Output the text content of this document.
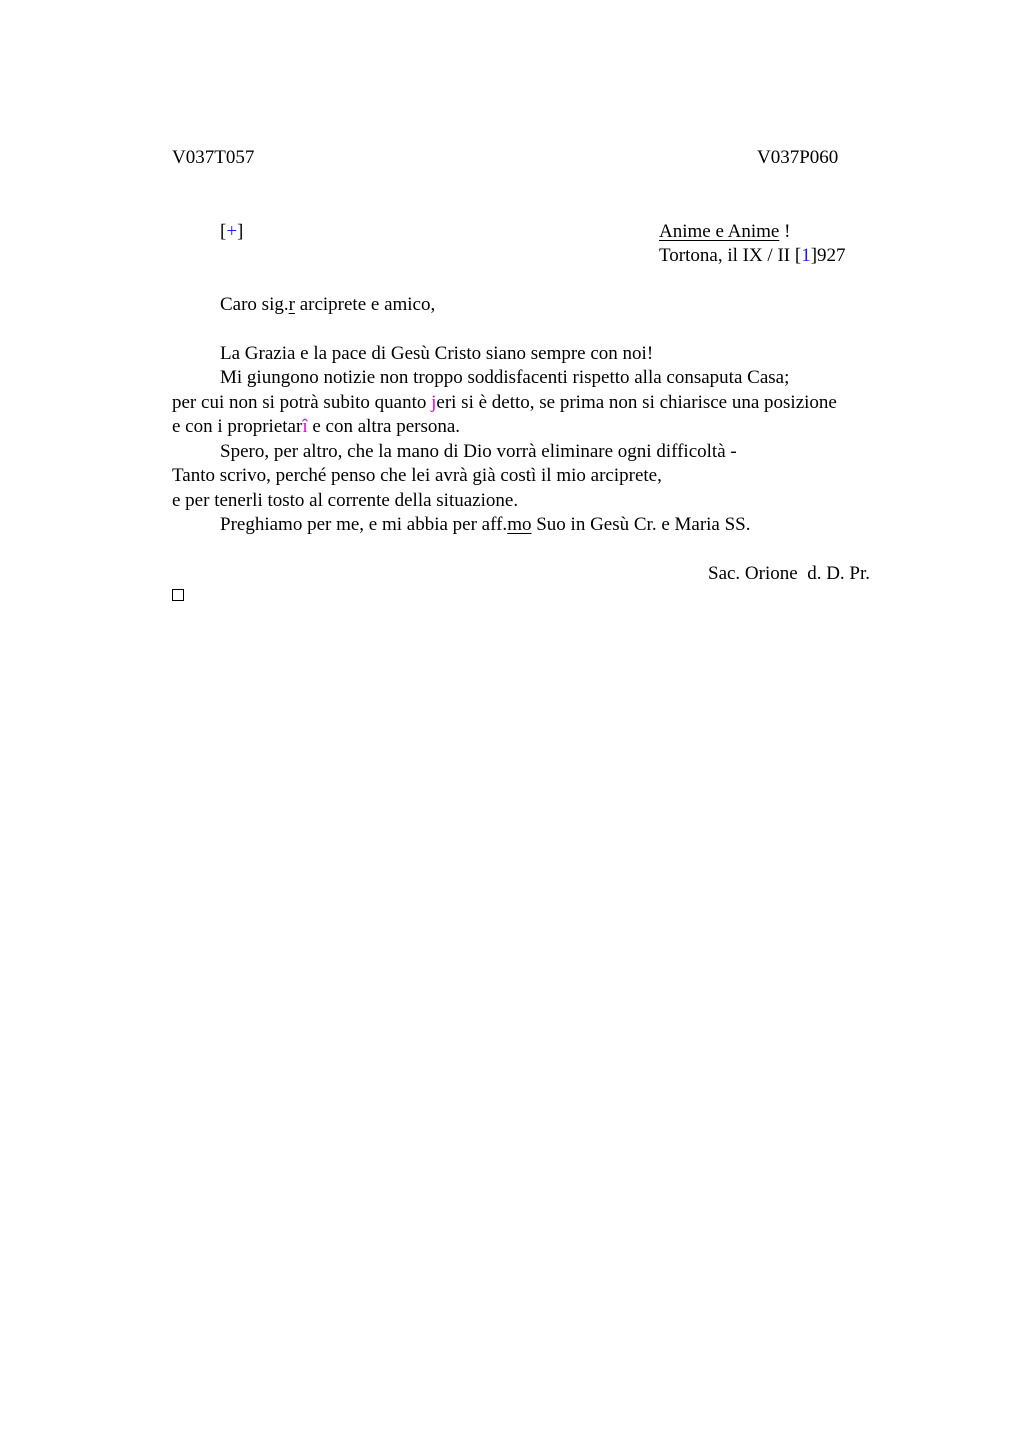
V037T057	V037P060
[+]	Anime e Anime !
Tortona, il IX / II [1]927
Caro sig.r arciprete e amico,
La Grazia e la pace di Gesù Cristo siano sempre con noi!
Mi giungono notizie non troppo soddisfacenti rispetto alla consaputa Casa;
per cui non si potrà subito quanto jeri si è detto, se prima non si chiarisce una posizione
e con i proprietarî e con altra persona.
Spero, per altro, che la mano di Dio vorrà eliminare ogni difficoltà -
Tanto scrivo, perché penso che lei avrà già costì il mio arciprete,
e per tenerli tosto al corrente della situazione.
Preghiamo per me, e mi abbia per aff.mo Suo in Gesù Cr. e Maria SS.
Sac. Orione  d. D. Pr.
